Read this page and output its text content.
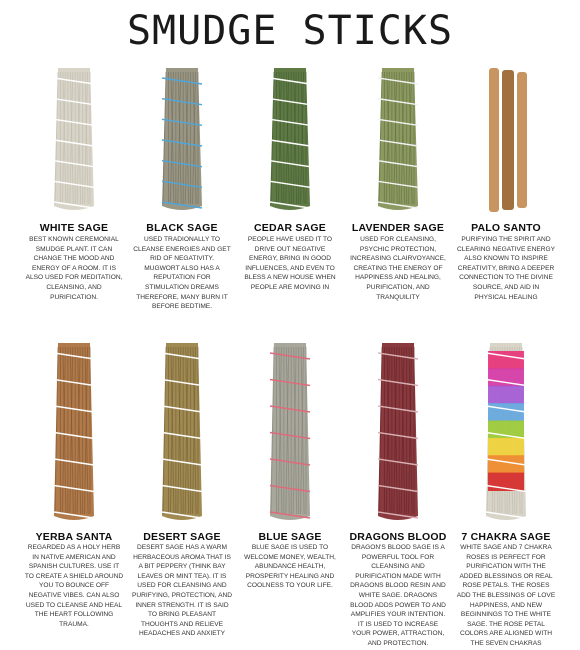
SMUDGE STICKS
WHITE SAGE
BEST KNOWN CEREMONIAL SMUDGE PLANT. IT CAN CHANGE THE MOOD AND ENERGY OF A ROOM. IT IS ALSO USED FOR MEDITATION, CLEANSING, AND PURIFICATION.
BLACK SAGE
USED TRADIONALLY TO CLEANSE ENERGIES AND GET RID OF NEGATIVITY. MUGWORT ALSO HAS A REPUTATION FOR STIMULATION DREAMS THEREFORE, MANY BURN IT BEFORE BEDTIME.
CEDAR SAGE
PEOPLE HAVE USED IT TO DRIVE OUT NEGATIVE ENERGY, BRING IN GOOD INFLUENCES, AND EVEN TO BLESS A NEW HOUSE WHEN PEOPLE ARE MOVING IN
LAVENDER SAGE
USED FOR CLEANSING, PSYCHIC PROTECTION, INCREASING CLAIRVOYANCE, CREATING THE ENERGY OF HAPPINESS AND HEALING, PURIFICATION, AND TRANQUILITY
PALO SANTO
PURIFYING THE SPIRIT AND CLEARING NEGATIVE ENERGY ALSO KNOWN TO INSPIRE CREATIVITY, BRING A DEEPER CONNECTION TO THE DIVINE SOURCE, AND AID IN PHYSICAL HEALING
YERBA SANTA
REGARDED AS A HOLY HERB IN NATIVE AMERICAN AND SPANISH CULTURES. USE IT TO CREATE A SHIELD AROUND YOU TO BOUNCE OFF NEGATIVE VIBES. CAN ALSO USED TO CLEANSE AND HEAL THE HEART FOLLOWING TRAUMA.
DESERT SAGE
DESERT SAGE HAS A WARM HERBACEOUS AROMA THAT IS A BIT PEPPERY (THINK BAY LEAVES OR MINT TEA). IT IS USED FOR CLEANSING AND PURIFYING, PROTECTION, AND INNER STRENGTH. IT IS SAID TO BRING PLEASANT THOUGHTS AND RELIEVE HEADACHES AND ANXIETY
BLUE SAGE
BLUE SAGE IS USED TO WELCOME MONEY, WEALTH, ABUNDANCE HEALTH, PROSPERITY HEALING AND COOLNESS TO YOUR LIFE.
DRAGONS BLOOD
DRAGON'S BLOOD SAGE IS A POWERFUL TOOL FOR CLEANSING AND PURIFICATION MADE WITH DRAGONS BLOOD RESIN AND WHITE SAGE. DRAGONS BLOOD ADDS POWER TO AND AMPLIFIES YOUR INTENTION. IT IS USED TO INCREASE YOUR POWER, ATTRACTION, AND PROTECTION.
7 CHAKRA SAGE
WHITE SAGE AND 7 CHAKRA ROSES IS PERFECT FOR PURIFICATION WITH THE ADDED BLESSINGS OR REAL ROSE PETALS. THE ROSES ADD THE BLESSINGS OF LOVE HAPPINESS, AND NEW BEGINNINGS TO THE WHITE SAGE. THE ROSE PETAL COLORS ARE ALIGNED WITH THE SEVEN CHAKRAS
